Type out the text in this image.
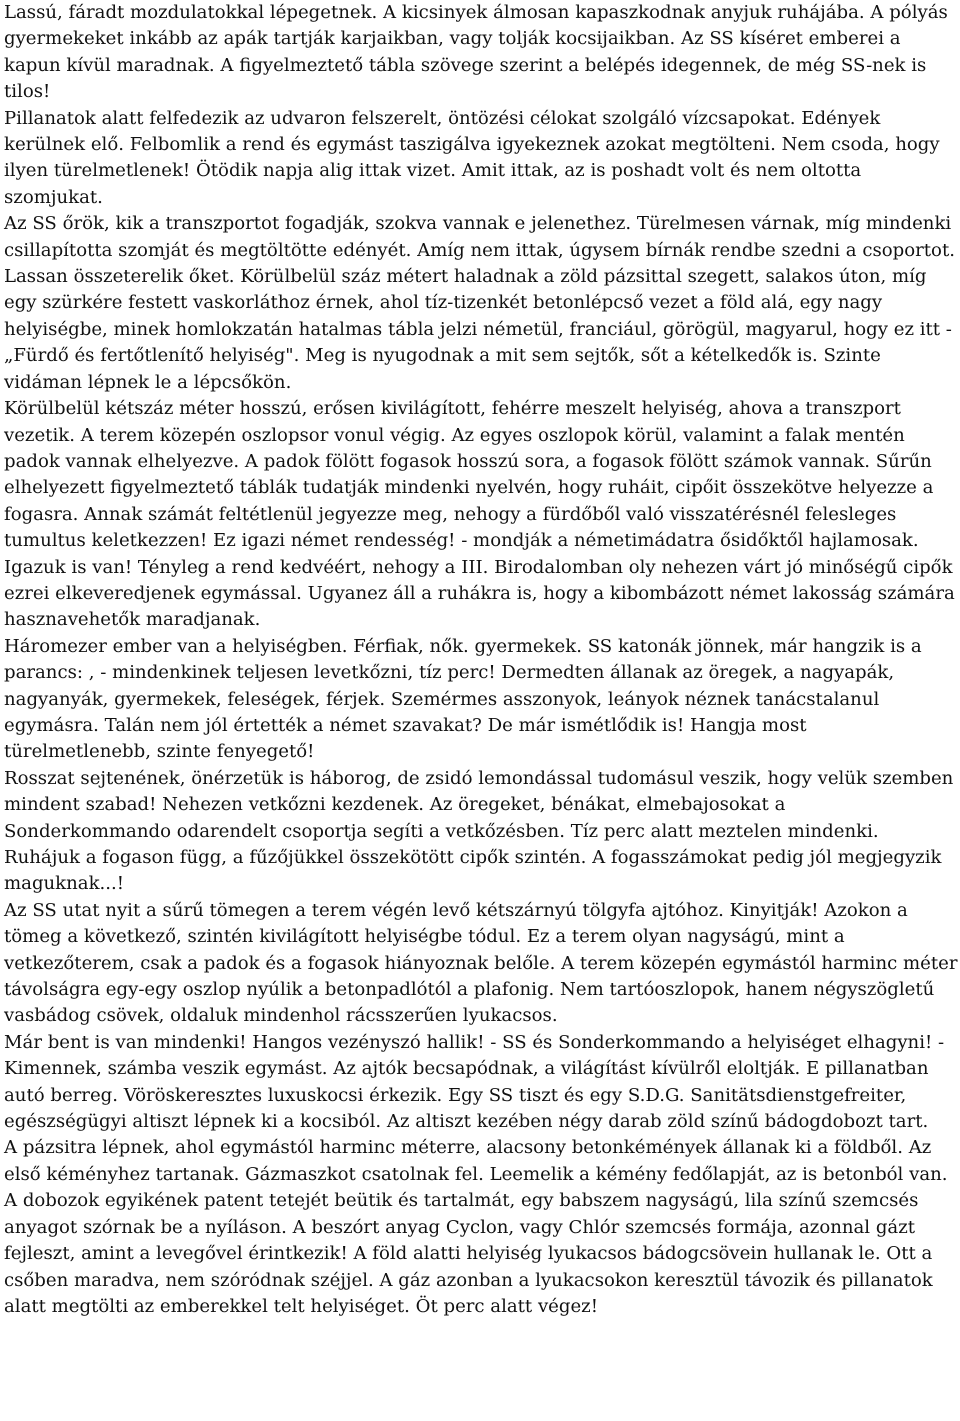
Lassú, fáradt mozdulatokkal lépegetnek. A kicsinyek álmosan kapaszkodnak anyjuk ruhájába. A pólyás gyermekeket inkább az apák tartják karjaikban, vagy tolják kocsijaikban. Az SS kíséret emberei a kapun kívül maradnak. A figyelmeztető tábla szövege szerint a belépés idegennek, de még SS-nek is tilos!

Pillanatok alatt felfedezik az udvaron felszerelt, öntözési célokat szolgáló vízcsapokat. Edények kerülnek elő. Felbomlik a rend és egymást taszigálva igyekeznek azokat megtölteni. Nem csoda, hogy ilyen türelmetlenek! Ötödik napja alig ittak vizet. Amit ittak, az is poshadt volt és nem oltotta szomjukat.

Az SS őrök, kik a transzportot fogadják, szokva vannak e jelenethez. Türelmesen várnak, míg mindenki csillapította szomját és megtöltötte edényét. Amíg nem ittak, úgysem bírnák rendbe szedni a csoportot. Lassan összeterelik őket. Körülbelül száz métert haladnak a zöld pázsittal szegett, salakos úton, míg egy szürkére festett vaskorláthoz érnek, ahol tíz-tizenkét betonlépcső vezet a föld alá, egy nagy helyiségbe, minek homlokzatán hatalmas tábla jelzi németül, franciául, görögül, magyarul, hogy ez itt - „Fürdő és fertőtlenítő helyiség". Meg is nyugodnak a mit sem sejtők, sőt a kételkedők is. Szinte vidáman lépnek le a lépcsőkön.

Körülbelül kétszáz méter hosszú, erősen kivilágított, fehérre meszelt helyiség, ahova a transzport vezetik. A terem közepén oszlopsor vonul végig. Az egyes oszlopok körül, valamint a falak mentén padok vannak elhelyezve. A padok fölött fogasok hosszú sora, a fogasok fölött számok vannak. Sűrűn elhelyezett figyelmeztető táblák tudatják mindenki nyelvén, hogy ruháit, cipőit összekötve helyezze a fogasra. Annak számát feltétlenül jegyezze meg, nehogy a fürdőből való visszatérésnél felesleges tumultus keletkezzen! Ez igazi német rendesség! - mondják a németimádatra ősidőktől hajlamosak. Igazuk is van! Tényleg a rend kedvéért, nehogy a III. Birodalomban oly nehezen várt jó minőségű cipők ezrei elkeveredjenek egymással. Ugyanez áll a ruhákra is, hogy a kibombázott német lakosság számára hasznavehetők maradjanak.

Háromezer ember van a helyiségben. Férfiak, nők. gyermekek. SS katonák jönnek, már hangzik is a parancs: , - mindenkinek teljesen levetkőzni, tíz perc! Dermedten állanak az öregek, a nagyapák, nagyanyák, gyermekek, feleségek, férjek. Szemérmes asszonyok, leányok néznek tanácstalanul egymásra. Talán nem jól értették a német szavakat? De már ismétlődik is! Hangja most türelmetlenebb, szinte fenyegető!

Rosszat sejtenének, önérzetük is háborog, de zsidó lemondással tudomásul veszik, hogy velük szemben mindent szabad! Nehezen vetkőzni kezdenek. Az öregeket, bénákat, elmebajosokat a Sonderkommando odarendelt csoportja segíti a vetkőzésben. Tíz perc alatt meztelen mindenki. Ruhájuk a fogason függ, a fűzőjükkel összekötött cipők szintén. A fogasszámokat pedig jól megjegyzik maguknak...!

Az SS utat nyit a sűrű tömegen a terem végén levő kétszárnyú tölgyfa ajtóhoz. Kinyitják! Azokon a tömeg a következő, szintén kivilágított helyiségbe tódul. Ez a terem olyan nagyságú, mint a vetkezőterem, csak a padok és a fogasok hiányoznak belőle. A terem közepén egymástól harminc méter távolságra egy-egy oszlop nyúlik a betonpadlótól a plafonig. Nem tartóoszlopok, hanem négyszögletű vasbádog csövek, oldaluk mindenhol rácsszerűen lyukacsos.

Már bent is van mindenki! Hangos vezényszó hallik! - SS és Sonderkommando a helyiséget elhagyni! - Kimennek, számba veszik egymást. Az ajtók becsapódnak, a világítást kívülről eloltják. E pillanatban autó berreg. Vöröskeresztes luxuskocsi érkezik. Egy SS tiszt és egy S.D.G. Sanitätsdienstgefreiter, egészségügyi altiszt lépnek ki a kocsiból. Az altiszt kezében négy darab zöld színű bádogdobozt tart.

A pázsitra lépnek, ahol egymástól harminc méterre, alacsony betonkémények állanak ki a földből. Az első kéményhez tartanak. Gázmaszkot csatolnak fel. Leemelik a kémény fedőlapját, az is betonból van. A dobozok egyikének patent tetejét beütik és tartalmát, egy babszem nagyságú, lila színű szemcsés anyagot szórnak be a nyíláson. A beszórt anyag Cyclon, vagy Chlór szemcsés formája, azonnal gázt fejleszt, amint a levegővel érintkezik! A föld alatti helyiség lyukacsos bádogcsövein hullanak le. Ott a csőben maradva, nem szóródnak széjjel. A gáz azonban a lyukacsokon keresztül távozik és pillanatok alatt megtölti az emberekkel telt helyiséget. Öt perc alatt végez!
